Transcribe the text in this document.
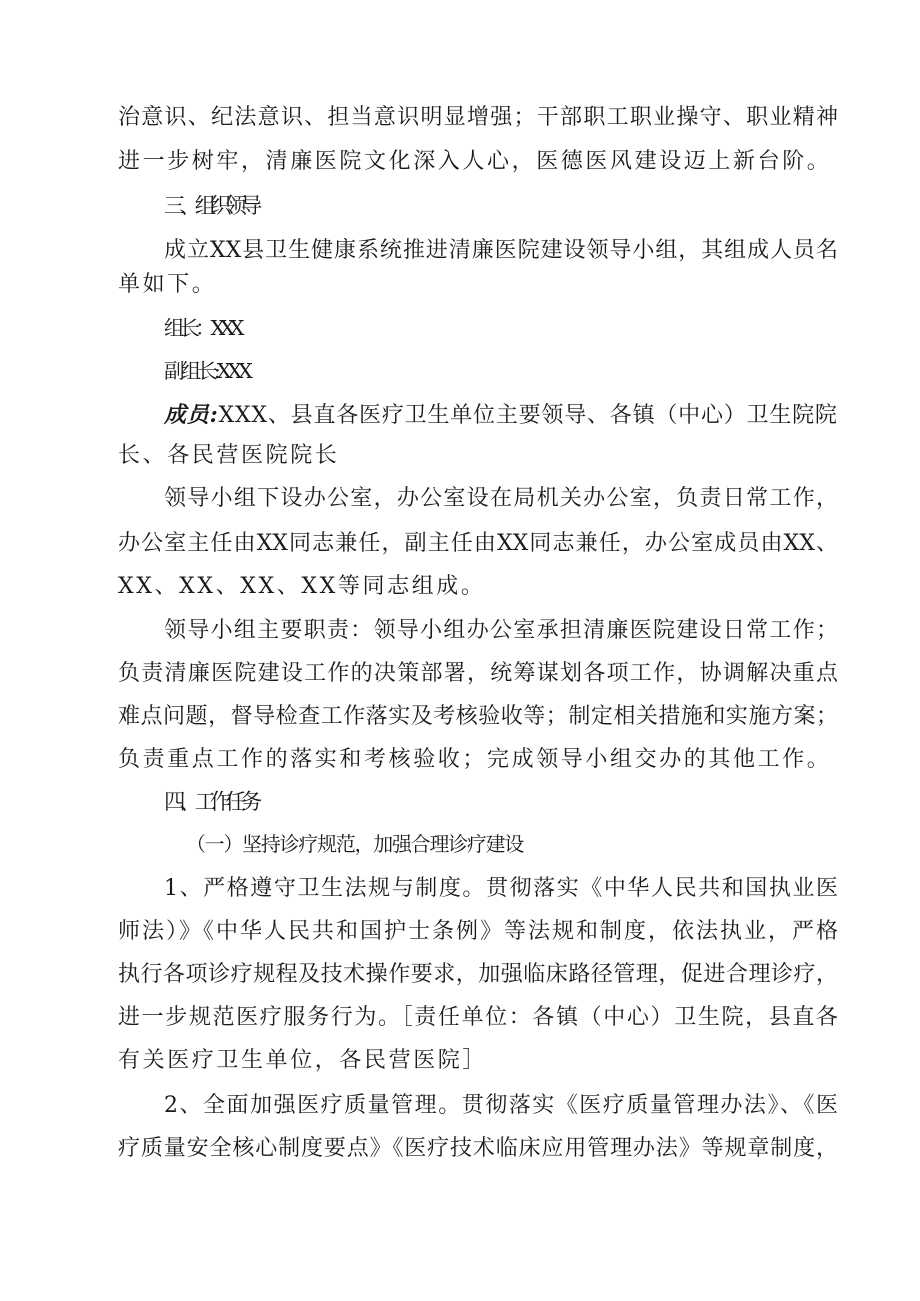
治意识、纪法意识、担当意识明显增强；干部职工职业操守、职业精神
进一步树牢，清廉医院文化深入人心，医德医风建设迈上新台阶。
三、组织领导
成立XX县卫生健康系统推进清廉医院建设领导小组，其组成人员名
单如下。
组长：XXX
副组长:XXX
成员:XXX、县直各医疗卫生单位主要领导、各镇（中心）卫生院院
长、各民营医院院长
领导小组下设办公室，办公室设在局机关办公室，负责日常工作，
办公室主任由XX同志兼任，副主任由XX同志兼任，办公室成员由XX、
XX、XX、XX、XX等同志组成。
领导小组主要职责：领导小组办公室承担清廉医院建设日常工作；
负责清廉医院建设工作的决策部署，统筹谋划各项工作，协调解决重点
难点问题，督导检查工作落实及考核验收等；制定相关措施和实施方案；
负责重点工作的落实和考核验收；完成领导小组交办的其他工作。
四、工作任务
（一）坚持诊疗规范，加强合理诊疗建设
1、严格遵守卫生法规与制度。贯彻落实《中华人民共和国执业医
师法）》《中华人民共和国护士条例》等法规和制度，依法执业，严格
执行各项诊疗规程及技术操作要求，加强临床路径管理，促进合理诊疗，
进一步规范医疗服务行为。［责任单位：各镇（中心）卫生院，县直各
有关医疗卫生单位，各民营医院］
2、全面加强医疗质量管理。贯彻落实《医疗质量管理办法》、《医
疗质量安全核心制度要点》《医疗技术临床应用管理办法》等规章制度，
